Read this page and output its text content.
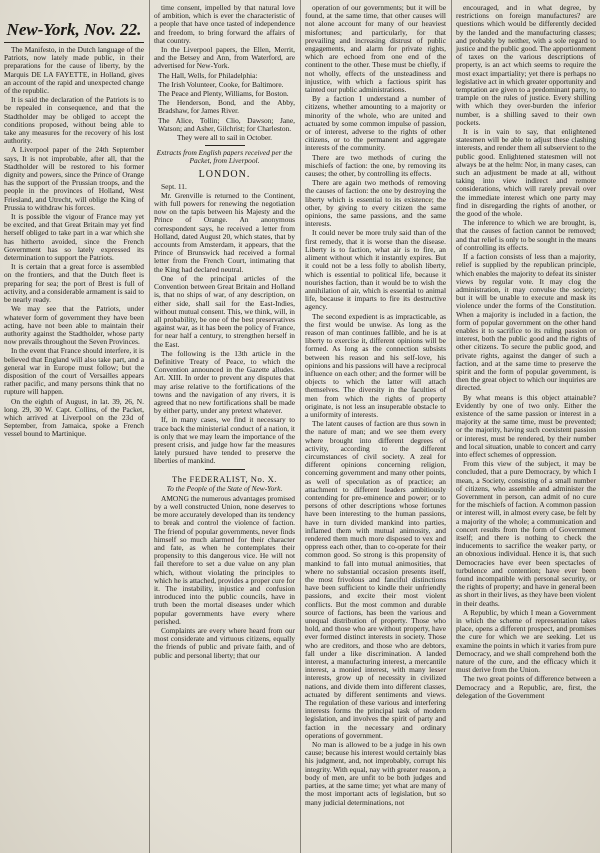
New-York, Nov. 22.

The Manifesto, in the Dutch language of the Patriots, now lately made public, in their preparations for the cause of liberty, by the Marquis DE LA FAYETTE, in Holland, gives an account of the rapid and unexpected change of the republic.

It is said the declaration of the Patriots is to be repealed in consequence, and that the Stadtholder may be obliged to accept the conditions proposed, without being able to take any measures for the recovery of his lost authority.

A Liverpool paper of the 24th September says, It is not improbable, after all, that the Stadtholder will be restored to his former dignity and powers, since the Prince of Orange has the support of the Prussian troops, and the people in the provinces of Holland, West Friesland, and Utrecht, will oblige the King of Prussia to withdraw his forces.

It is possible the vigour of France may yet be excited, and that Great Britain may yet find herself obliged to take part in a war which she has hitherto avoided, since the French Government has so lately expressed its determination to support the Patriots.

It is certain that a great force is assembled on the frontiers, and that the Dutch fleet is preparing for sea; the port of Brest is full of activity, and a considerable armament is said to be nearly ready.

We may see that the Patriots, under whatever form of government they have been acting, have not been able to maintain their authority against the Stadtholder, whose party now prevails throughout the Seven Provinces.

In the event that France should interfere, it is believed that England will also take part, and a general war in Europe must follow; but the disposition of the court of Versailles appears rather pacific, and many persons think that no rupture will happen.

On the eighth of August, in lat. 39, 26, N. long. 29, 30 W. Capt. Collins, of the Packet, which arrived at Liverpool on the 23d of September, from Jamaica, spoke a French vessel bound to Martinique.

time consent, impelled by that natural love of ambition, which is ever the characteristic of a people that have once tasted of independence and freedom, to bring forward the affairs of that country.

In the Liverpool papers, the Ellen, Merrit, and the Betsey and Ann, from Waterford, are advertised for New-York.

The Hall, Wells, for Philadelphia:

The Irish Volunteer, Cooke, for Baltimore.

The Peace and Plenty, Williams, for Boston.

The Henderson, Bond, and the Abby, Bradshaw, for James River.

The Alice, Tollin; Clio, Dawson; Jane, Watson; and Asher, Gilchrist; for Charleston.

They were all to sail in October.

Extracts from English papers received per the Packet, from Liverpool.

LONDON.

Sept. 11.

Mr. Grenville is returned to the Continent, with full powers for renewing the negotiation now on the tapis between his Majesty and the Prince of Orange. An anonymous correspondent says, he received a letter from Holland, dated August 20, which states, that by accounts from Amsterdam, it appears, that the Prince of Brunswick had received a formal letter from the French Court, intimating that the King had declared neutral.

One of the principal articles of the Convention between Great Britain and Holland is, that no ships of war, of any description, on either side, shall sail for the East-Indies, without mutual consent. This, we think, will, in all probability, be one of the best preservatives against war, as it has been the policy of France, for near half a century, to strengthen herself in the East.

The following is the 13th article in the Definitive Treaty of Peace, to which the Convention announced in the Gazette alludes. Art. XIII. In order to prevent any disputes that may arise relative to the fortifications of the towns and the navigation of any rivers, it is agreed that no new fortifications shall be made by either party, under any pretext whatever.

If, in many cases, we find it necessary to trace back the ministerial conduct of a nation, it is only that we may learn the importance of the present crisis, and judge how far the measures lately pursued have tended to preserve the liberties of mankind.

The FEDERALIST, No. X.
To the People of the State of New-York.

AMONG the numerous advantages promised by a well constructed Union, none deserves to be more accurately developed than its tendency to break and control the violence of faction. The friend of popular governments, never finds himself so much alarmed for their character and fate, as when he contemplates their propensity to this dangerous vice. He will not fail therefore to set a due value on any plan which, without violating the principles to which he is attached, provides a proper cure for it. The instability, injustice and confusion introduced into the public councils, have in truth been the mortal diseases under which popular governments have every where perished.

Complaints are every where heard from our most considerate and virtuous citizens, equally the friends of public and private faith, and of public and personal liberty; that our

operation of our governments; but it will be found, at the same time, that other causes will not alone account for many of our heaviest misfortunes; and particularly, for that prevailing and increasing distrust of public engagements, and alarm for private rights, which are echoed from one end of the continent to the other. These must be chiefly, if not wholly, effects of the unsteadiness and injustice, with which a factious spirit has tainted our public administrations.

By a faction I understand a number of citizens, whether amounting to a majority or minority of the whole, who are united and actuated by some common impulse of passion, or of interest, adverse to the rights of other citizens, or to the permanent and aggregate interests of the community.

There are two methods of curing the mischiefs of faction: the one, by removing its causes; the other, by controlling its effects.

There are again two methods of removing the causes of faction: the one by destroying the liberty which is essential to its existence; the other, by giving to every citizen the same opinions, the same passions, and the same interests.

It could never be more truly said than of the first remedy, that it is worse than the disease. Liberty is to faction, what air is to fire, an aliment without which it instantly expires. But it could not be a less folly to abolish liberty, which is essential to political life, because it nourishes faction, than it would be to wish the annihilation of air, which is essential to animal life, because it imparts to fire its destructive agency.

The second expedient is as impracticable, as the first would be unwise. As long as the reason of man continues fallible, and he is at liberty to exercise it, different opinions will be formed. As long as the connection subsists between his reason and his self-love, his opinions and his passions will have a reciprocal influence on each other; and the former will be objects to which the latter will attach themselves. The diversity in the faculties of men from which the rights of property originate, is not less an insuperable obstacle to a uniformity of interests.

The latent causes of faction are thus sown in the nature of man; and we see them every where brought into different degrees of activity, according to the different circumstances of civil society. A zeal for different opinions concerning religion, concerning government and many other points, as well of speculation as of practice; an attachment to different leaders ambitiously contending for pre-eminence and power; or to persons of other descriptions whose fortunes have been interesting to the human passions, have in turn divided mankind into parties, inflamed them with mutual animosity, and rendered them much more disposed to vex and oppress each other, than to co-operate for their common good. So strong is this propensity of mankind to fall into mutual animosities, that where no substantial occasion presents itself, the most frivolous and fanciful distinctions have been sufficient to kindle their unfriendly passions, and excite their most violent conflicts. But the most common and durable source of factions, has been the various and unequal distribution of property. Those who hold, and those who are without property, have ever formed distinct interests in society. Those who are creditors, and those who are debtors, fall under a like discrimination. A landed interest, a manufacturing interest, a mercantile interest, a monied interest, with many lesser interests, grow up of necessity in civilized nations, and divide them into different classes, actuated by different sentiments and views. The regulation of these various and interfering interests forms the principal task of modern legislation, and involves the spirit of party and faction in the necessary and ordinary operations of government.

No man is allowed to be a judge in his own cause; because his interest would certainly bias his judgment, and, not improbably, corrupt his integrity. With equal, nay with greater reason, a body of men, are unfit to be both judges and parties, at the same time; yet what are many of the most important acts of legislation, but so many judicial determinations, not

encouraged, and in what degree, by restrictions on foreign manufactures? are questions which would be differently decided by the landed and the manufacturing classes; and probably by neither, with a sole regard to justice and the public good. The apportionment of taxes on the various descriptions of property, is an act which seems to require the most exact impartiality; yet there is perhaps no legislative act in which greater opportunity and temptation are given to a predominant party, to trample on the rules of justice. Every shilling with which they over-burden the inferior number, is a shilling saved to their own pockets.

It is in vain to say, that enlightened statesmen will be able to adjust these clashing interests, and render them all subservient to the public good. Enlightened statesmen will not always be at the helm: Nor, in many cases, can such an adjustment be made at all, without taking into view indirect and remote considerations, which will rarely prevail over the immediate interest which one party may find in disregarding the rights of another, or the good of the whole.

The inference to which we are brought, is, that the causes of faction cannot be removed; and that relief is only to be sought in the means of controlling its effects.

If a faction consists of less than a majority, relief is supplied by the republican principle, which enables the majority to defeat its sinister views by regular vote. It may clog the administration, it may convulse the society; but it will be unable to execute and mask its violence under the forms of the Constitution. When a majority is included in a faction, the form of popular government on the other hand enables it to sacrifice to its ruling passion or interest, both the public good and the rights of other citizens. To secure the public good, and private rights, against the danger of such a faction, and at the same time to preserve the spirit and the form of popular government, is then the great object to which our inquiries are directed.

By what means is this object attainable? Evidently by one of two only. Either the existence of the same passion or interest in a majority at the same time, must be prevented; or the majority, having such coexistent passion or interest, must be rendered, by their number and local situation, unable to concert and carry into effect schemes of oppression.

From this view of the subject, it may be concluded, that a pure Democracy, by which I mean, a Society, consisting of a small number of citizens, who assemble and administer the Government in person, can admit of no cure for the mischiefs of faction. A common passion or interest will, in almost every case, be felt by a majority of the whole; a communication and concert results from the form of Government itself; and there is nothing to check the inducements to sacrifice the weaker party, or an obnoxious individual. Hence it is, that such Democracies have ever been spectacles of turbulence and contention; have ever been found incompatible with personal security, or the rights of property; and have in general been as short in their lives, as they have been violent in their deaths.

A Republic, by which I mean a Government in which the scheme of representation takes place, opens a different prospect, and promises the cure for which we are seeking. Let us examine the points in which it varies from pure Democracy, and we shall comprehend both the nature of the cure, and the efficacy which it must derive from the Union.

The two great points of difference between a Democracy and a Republic, are, first, the delegation of the Government
